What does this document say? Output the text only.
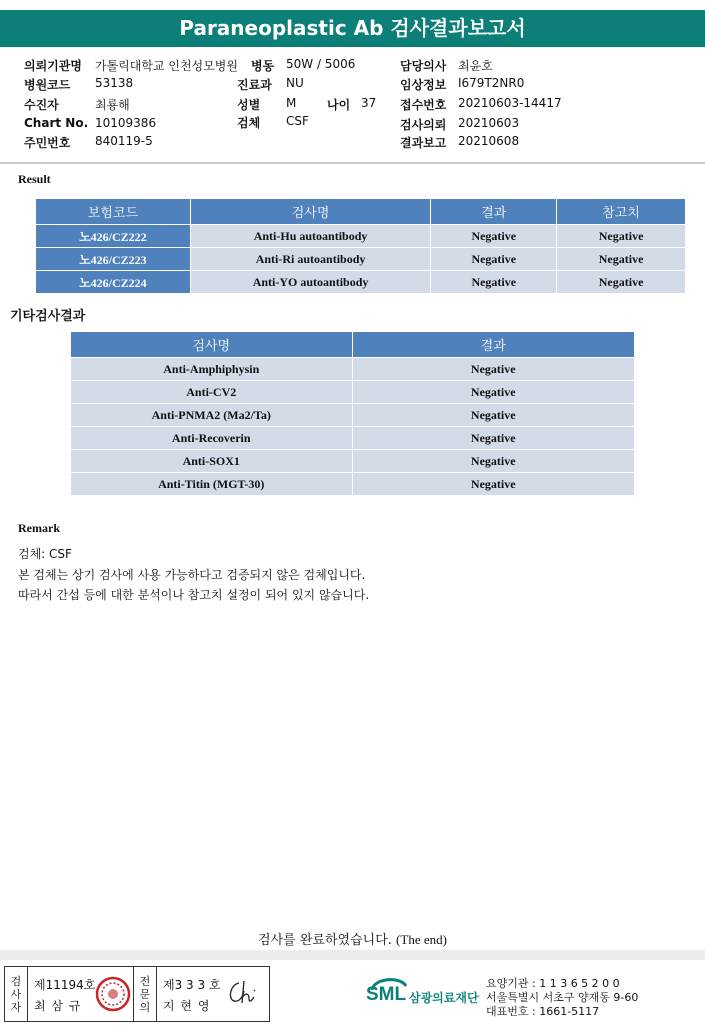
Paraneoplastic Ab 검사결과보고서
의뢰기관명 가톨릭대학교 인천성모병원 병동 50W / 5006	담당의사 최윤호
병원코드 53138	진료과 NU	임상정보 I679T2NR0
수진자	최룡해	성별 M	나이 37 접수번호 20210603-14417
Chart No. 10109386	검체 CSF	검사의뢰 20210603
주민번호 840119-5	결과보고 20210608
Result
보험코드	검사명	결과	참고치
노426/CZ222	Anti-Hu autoantibody	Negative	Negative
노426/CZ223	Anti-Ri autoantibody	Negative	Negative
노426/CZ224	Anti-YO autoantibody	Negative	Negative
기타검사결과
검사명	결과
Anti-Amphiphysin	Negative
Anti-CV2	Negative
Anti-PNMA2 (Ma2/Ta)	Negative
Anti-Recoverin	Negative
Anti-SOX1	Negative
Anti-Titin (MGT-30)	Negative
Remark
검체: CSF
본 검체는 상기 검사에 사용 가능하다고 검증되지 않은 검체입니다.
따라서 간섭 등에 대한 분석이나 참고치 설정이 되어 있지 않습니다.
검사를 완료하였습니다. (The end)
검
사
자
제11194호
최 삼 규
전
문
의
제3 3 3 호
지 현 영
SML 삼광의료재단
요양기관 : 1 1 3 6 5 2 0 0
서울특별시 서초구 양재동 9-60
대표번호 : 1661-5117
